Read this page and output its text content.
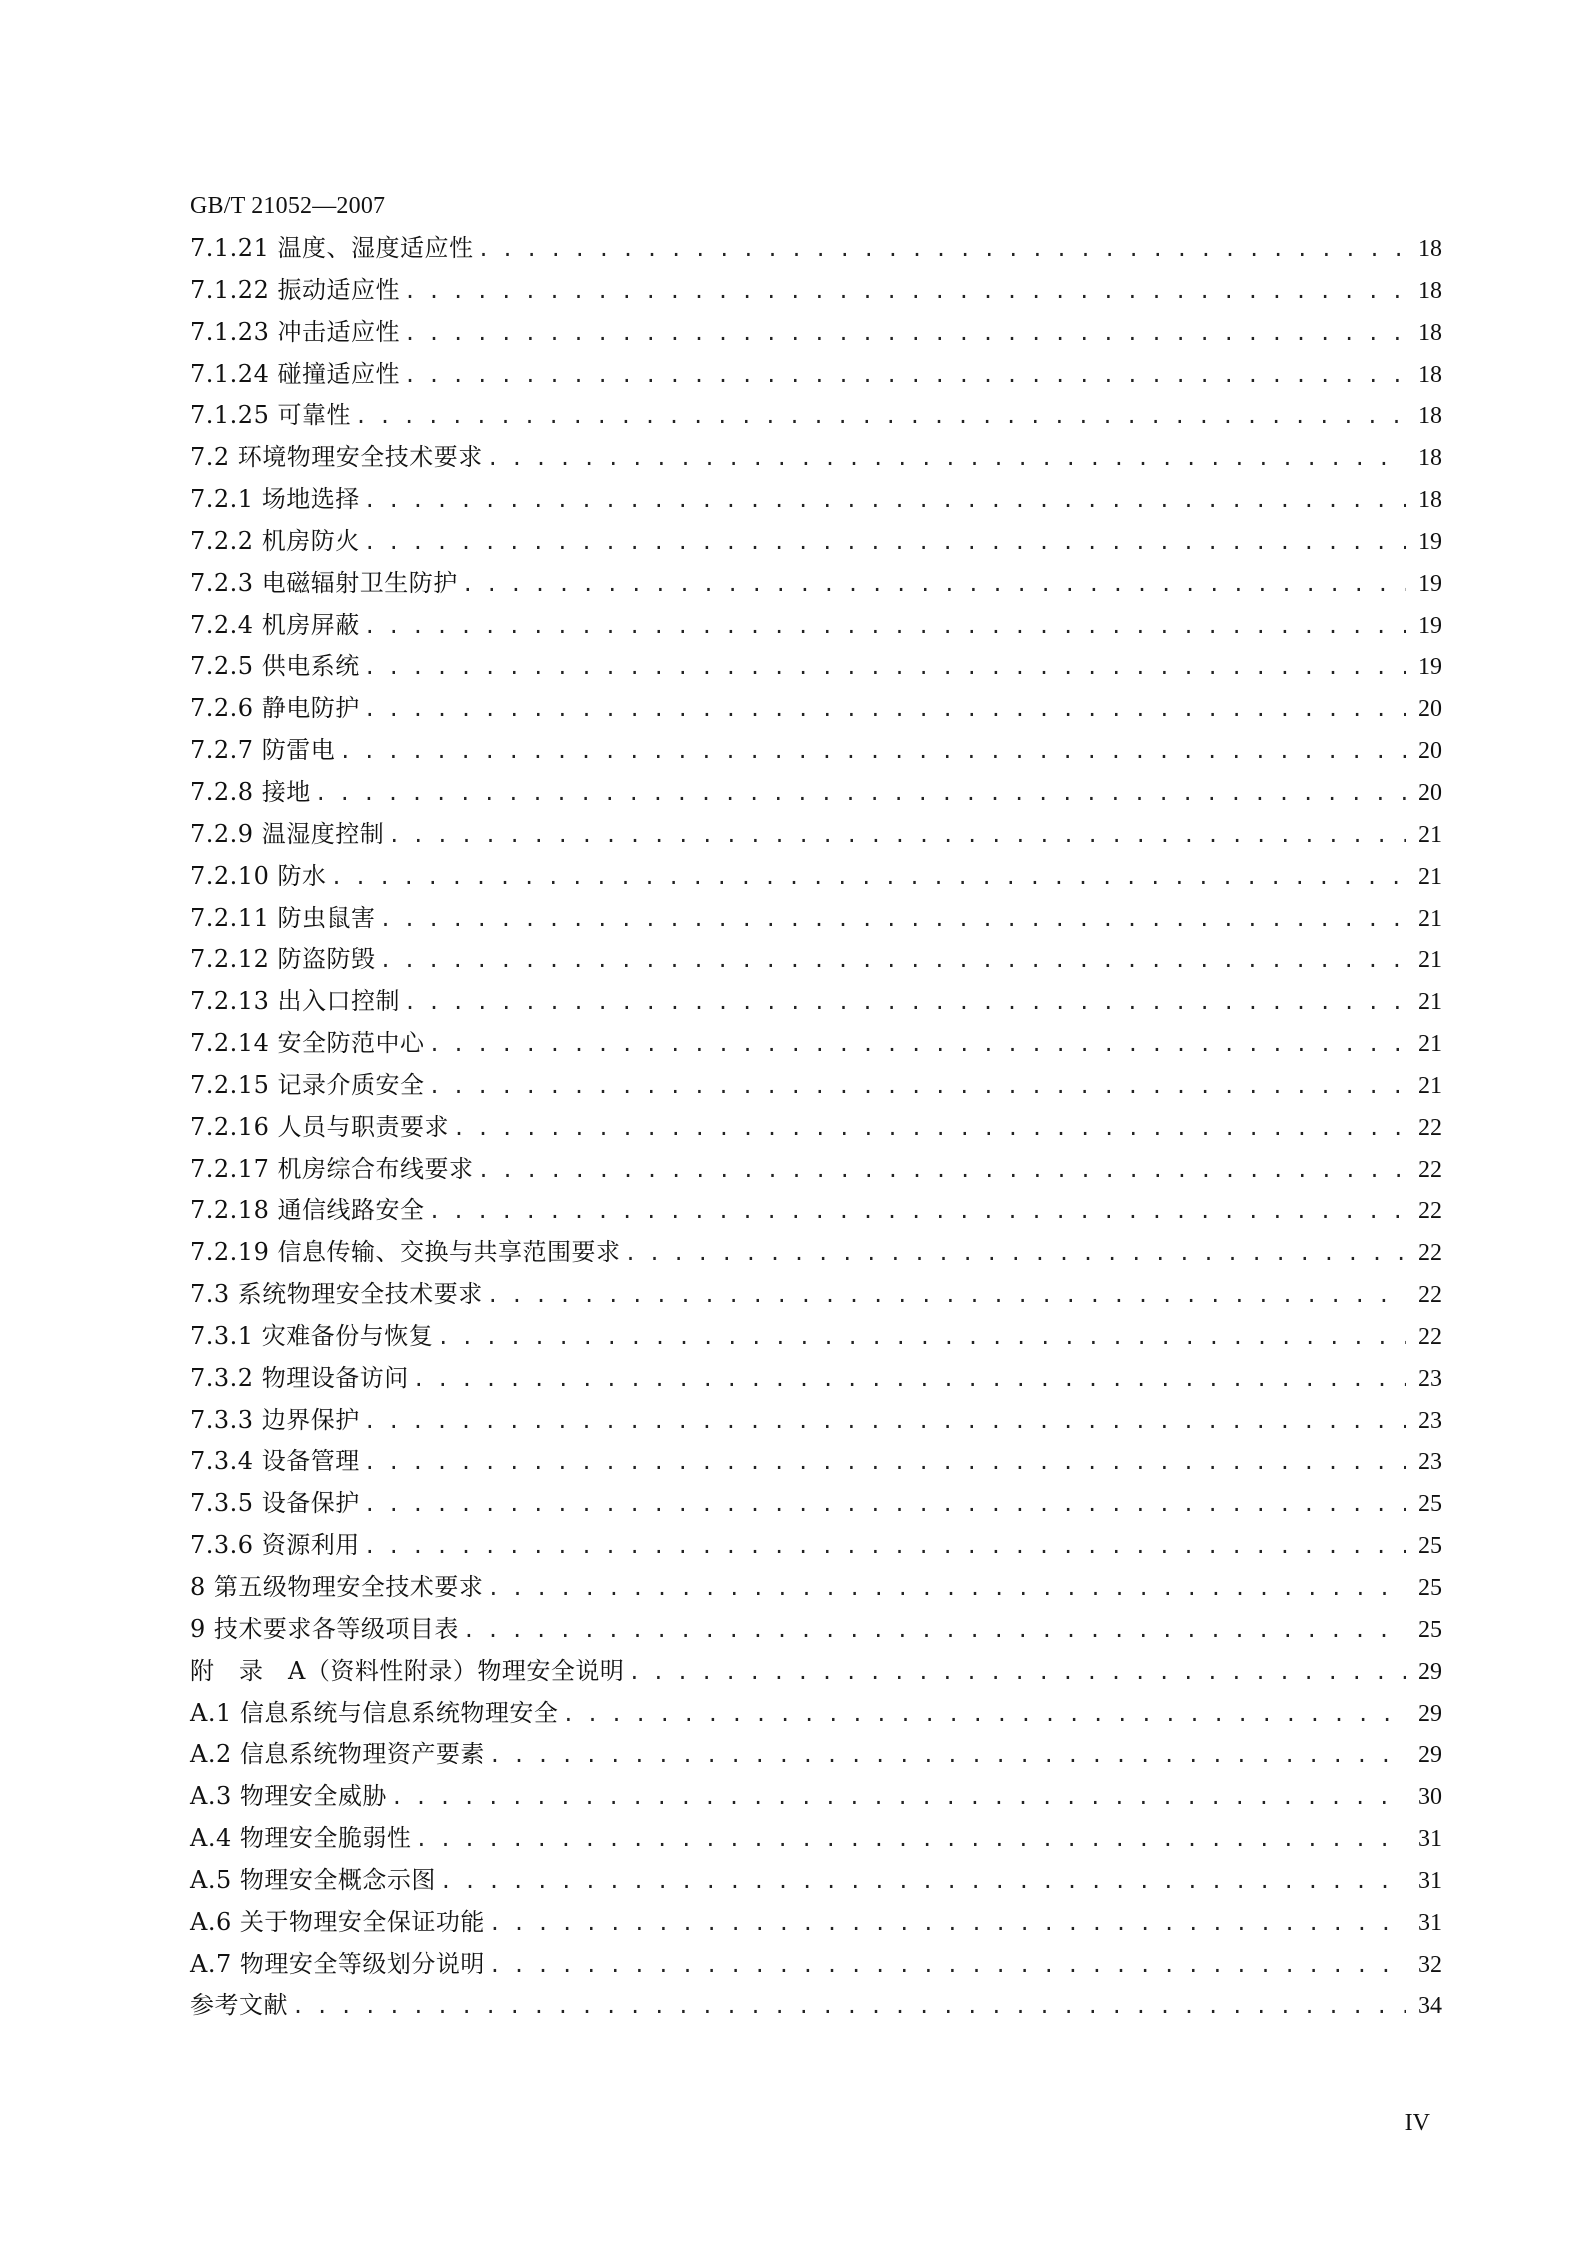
GB/T 21052—2007
7.1.21 温度、湿度适应性 . . .	18
7.1.22 振动适应性 . . .	18
7.1.23 冲击适应性 . . .	18
7.1.24 碰撞适应性 . . .	18
7.1.25 可靠性 . . .	18
7.2 环境物理安全技术要求 . . .	18
7.2.1 场地选择 . . .	18
7.2.2 机房防火 . . .	19
7.2.3 电磁辐射卫生防护 . . .	19
7.2.4 机房屏蔽 . . .	19
7.2.5 供电系统 . . .	19
7.2.6 静电防护 . . .	20
7.2.7 防雷电 . . .	20
7.2.8 接地 . . .	20
7.2.9 温湿度控制 . . .	21
7.2.10 防水 . . .	21
7.2.11 防虫鼠害 . . .	21
7.2.12 防盗防毁 . . .	21
7.2.13 出入口控制 . . .	21
7.2.14 安全防范中心 . . .	21
7.2.15 记录介质安全 . . .	21
7.2.16 人员与职责要求 . . .	22
7.2.17 机房综合布线要求 . . .	22
7.2.18 通信线路安全 . . .	22
7.2.19 信息传输、交换与共享范围要求 . . .	22
7.3 系统物理安全技术要求 . . .	22
7.3.1 灾难备份与恢复 . . .	22
7.3.2 物理设备访问 . . .	23
7.3.3 边界保护 . . .	23
7.3.4 设备管理 . . .	23
7.3.5 设备保护 . . .	25
7.3.6 资源利用 . . .	25
8 第五级物理安全技术要求 . . .	25
9 技术要求各等级项目表 . . .	25
附　录　A（资料性附录）物理安全说明 . . .	29
A.1 信息系统与信息系统物理安全 . . .	29
A.2 信息系统物理资产要素 . . .	29
A.3 物理安全威胁 . . .	30
A.4 物理安全脆弱性 . . .	31
A.5 物理安全概念示图 . . .	31
A.6 关于物理安全保证功能 . . .	31
A.7 物理安全等级划分说明 . . .	32
参考文献 . . .	34
IV
